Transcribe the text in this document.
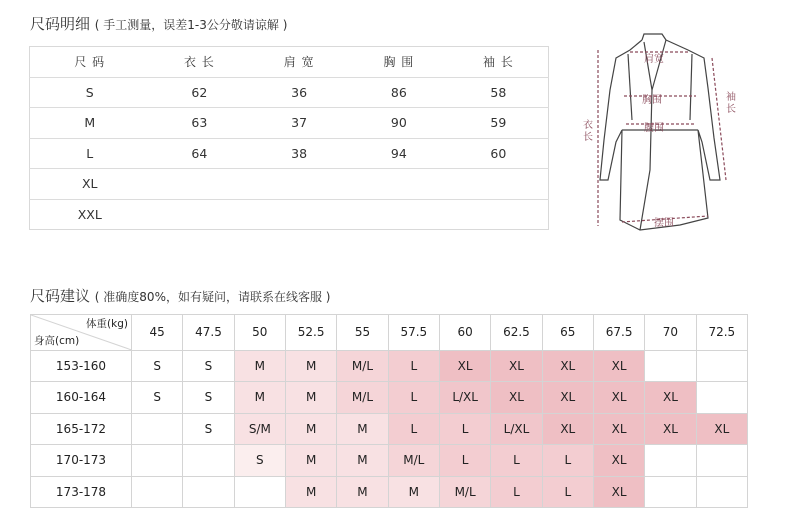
尺码明细 ( 手工测量，误差1-3公分敬请谅解 )
尺 码	衣 长	肩 宽	胸 围	袖 长
S	62	36	86	58
M	63	37	90	59
L	64	38	94	60
XL				
XXL				
肩宽
胸围
腰围
衣长
袖长
摆围
尺码建议 ( 准确度80%，如有疑问，请联系在线客服 )
体重(kg)
身高(cm)	45	47.5	50	52.5	55	57.5	60	62.5	65	67.5	70	72.5
153-160	S	S	M	M	M/L	L	XL	XL	XL	XL		
160-164	S	S	M	M	M/L	L	L/XL	XL	XL	XL	XL	
165-172		S	S/M	M	M	L	L	L/XL	XL	XL	XL	XL
170-173			S	M	M	M/L	L	L	L	XL		
173-178				M	M	M	M/L	L	L	XL		
